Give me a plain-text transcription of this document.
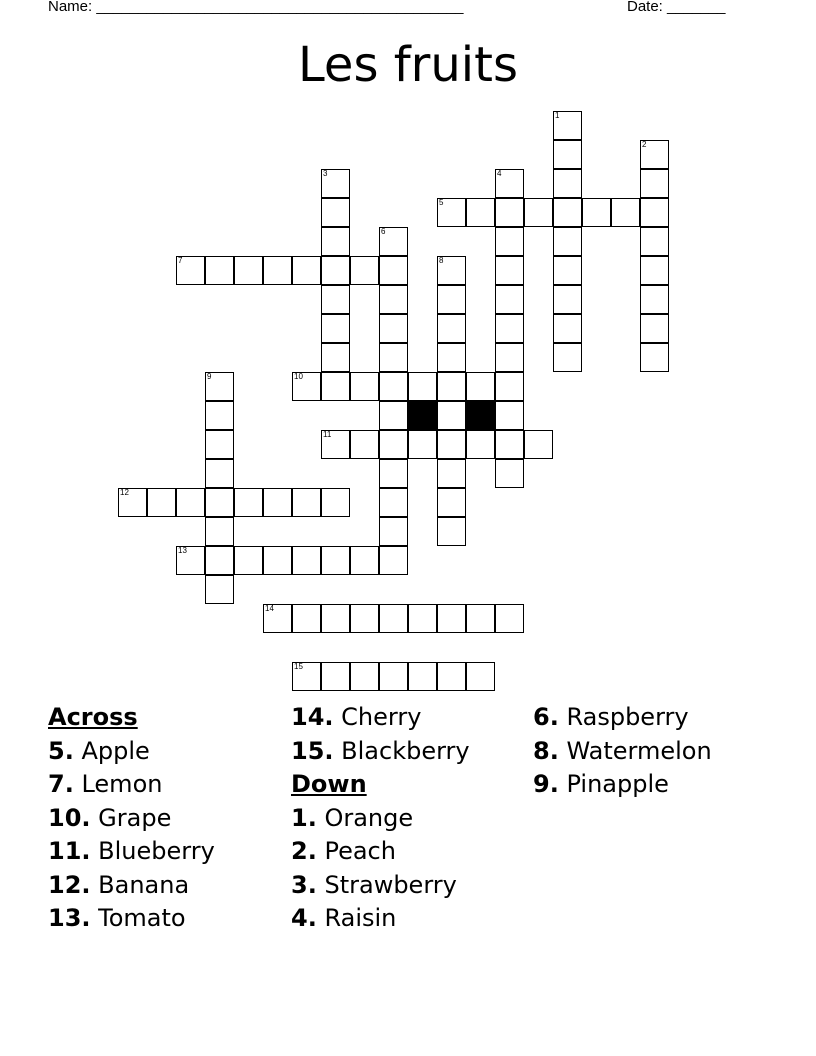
Name: ____________________________________________	Date: _______
Les fruits
1
2
3	4
6
8
9
5
7
10
11
12
13
14
15
Across
5. Apple
7. Lemon
10. Grape
11. Blueberry
12. Banana
13. Tomato
14. Cherry
15. Blackberry
Down
1. Orange
2. Peach
3. Strawberry
4. Raisin
6. Raspberry
8. Watermelon
9. Pinapple
